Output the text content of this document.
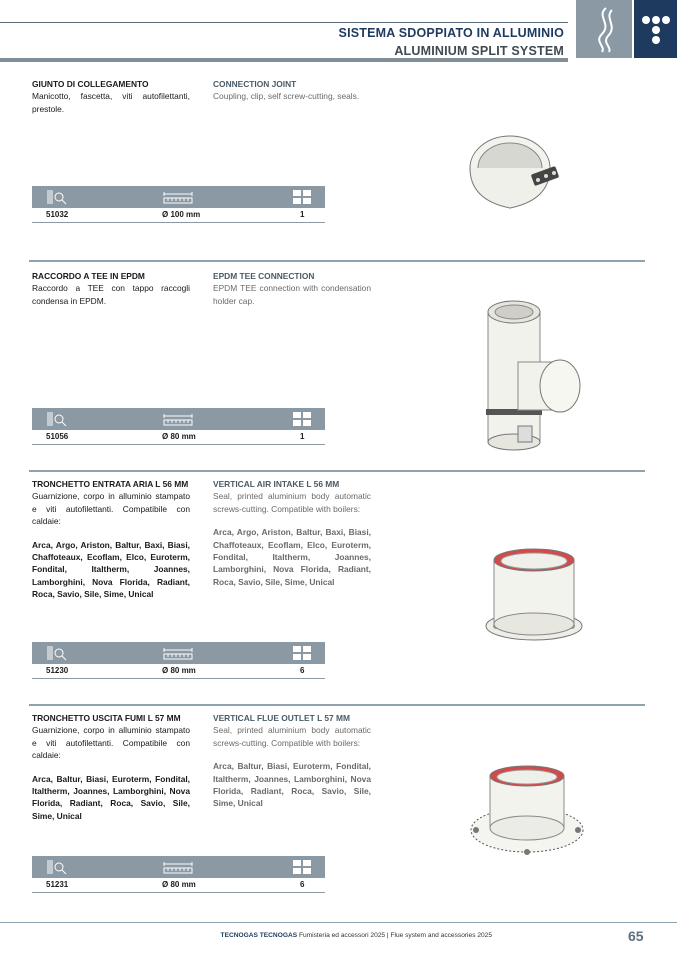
SISTEMA SDOPPIATO IN ALLUMINIO
ALUMINIUM SPLIT SYSTEM
GIUNTO DI COLLEGAMENTO
Manicotto, fascetta, viti autofilettanti, prestole.
CONNECTION JOINT
Coupling, clip, self screw-cutting, seals.
51032	Ø 100 mm	1
RACCORDO A TEE IN EPDM
Raccordo a TEE con tappo raccogli condensa in EPDM.
EPDM TEE CONNECTION
EPDM TEE connection with condensation holder cap.
51056	Ø 80 mm	1
TRONCHETTO ENTRATA ARIA L 56 MM
Guarnizione, corpo in alluminio stampato e viti autofilettanti. Compatibile con caldaie:
Arca, Argo, Ariston, Baltur, Baxi, Biasi, Chaffoteaux, Ecoflam, Elco, Euroterm, Fondital, Italtherm, Joannes, Lamborghini, Nova Florida, Radiant, Roca, Savio, Sile, Sime, Unical
VERTICAL AIR INTAKE L 56 MM
Seal, printed aluminium body automatic screws-cutting. Compatible with boilers:
Arca, Argo, Ariston, Baltur, Baxi, Biasi, Chaffoteaux, Ecoflam, Elco, Euroterm, Fondital, Italtherm, Joannes, Lamborghini, Nova Florida, Radiant, Roca, Savio, Sile, Sime, Unical
51230	Ø 80 mm	6
TRONCHETTO USCITA FUMI L 57 MM
Guarnizione, corpo in alluminio stampato e viti autofilettanti. Compatibile con caldaie:
Arca, Baltur, Biasi, Euroterm, Fondital, Italtherm, Joannes, Lamborghini, Nova Florida, Radiant, Roca, Savio, Sile, Sime, Unical
VERTICAL FLUE OUTLET L 57 MM
Seal, printed aluminium body automatic screws-cutting. Compatible with boilers:
Arca, Baltur, Biasi, Euroterm, Fondital, Italtherm, Joannes, Lamborghini, Nova Florida, Radiant, Roca, Savio, Sile, Sime, Unical
51231	Ø 80 mm	6
TECNOGAS TECNOGAS Fumisteria ed accessori 2025 | Flue system and accessories 2025	65
